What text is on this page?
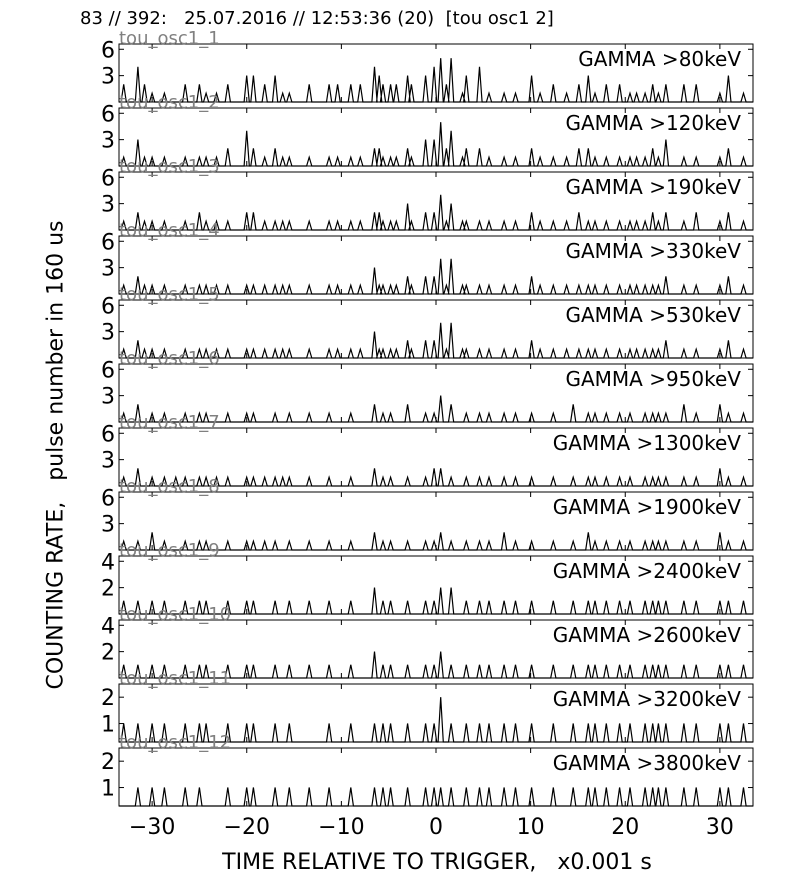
83 // 392:   25.07.2016 // 12:53:36 (20)  [tou osc1 2]
COUNTING RATE,   pulse number in 160 us
TIME RELATIVE TO TRIGGER,   x0.001 s
3
6	GAMMA >80keV
tou_osc1_1
3
6	GAMMA >120keV
tou_osc1_2
3
6	GAMMA >190keV
tou_osc1_3
3
6	GAMMA >330keV
tou_osc1_4
3
6	GAMMA >530keV
tou_osc1_5
3
6	GAMMA >950keV
tou_osc1_6
3
6	GAMMA >1300keV
tou_osc1_7
3
6	GAMMA >1900keV
tou_osc1_8
2
4	GAMMA >2400keV
tou_osc1_9
2
4	GAMMA >2600keV
tou_osc1_10
1
2	GAMMA >3200keV
tou_osc1_11
1
2	GAMMA >3800keV
tou_osc1_12
−30 −20 −10	0	10	20	30
